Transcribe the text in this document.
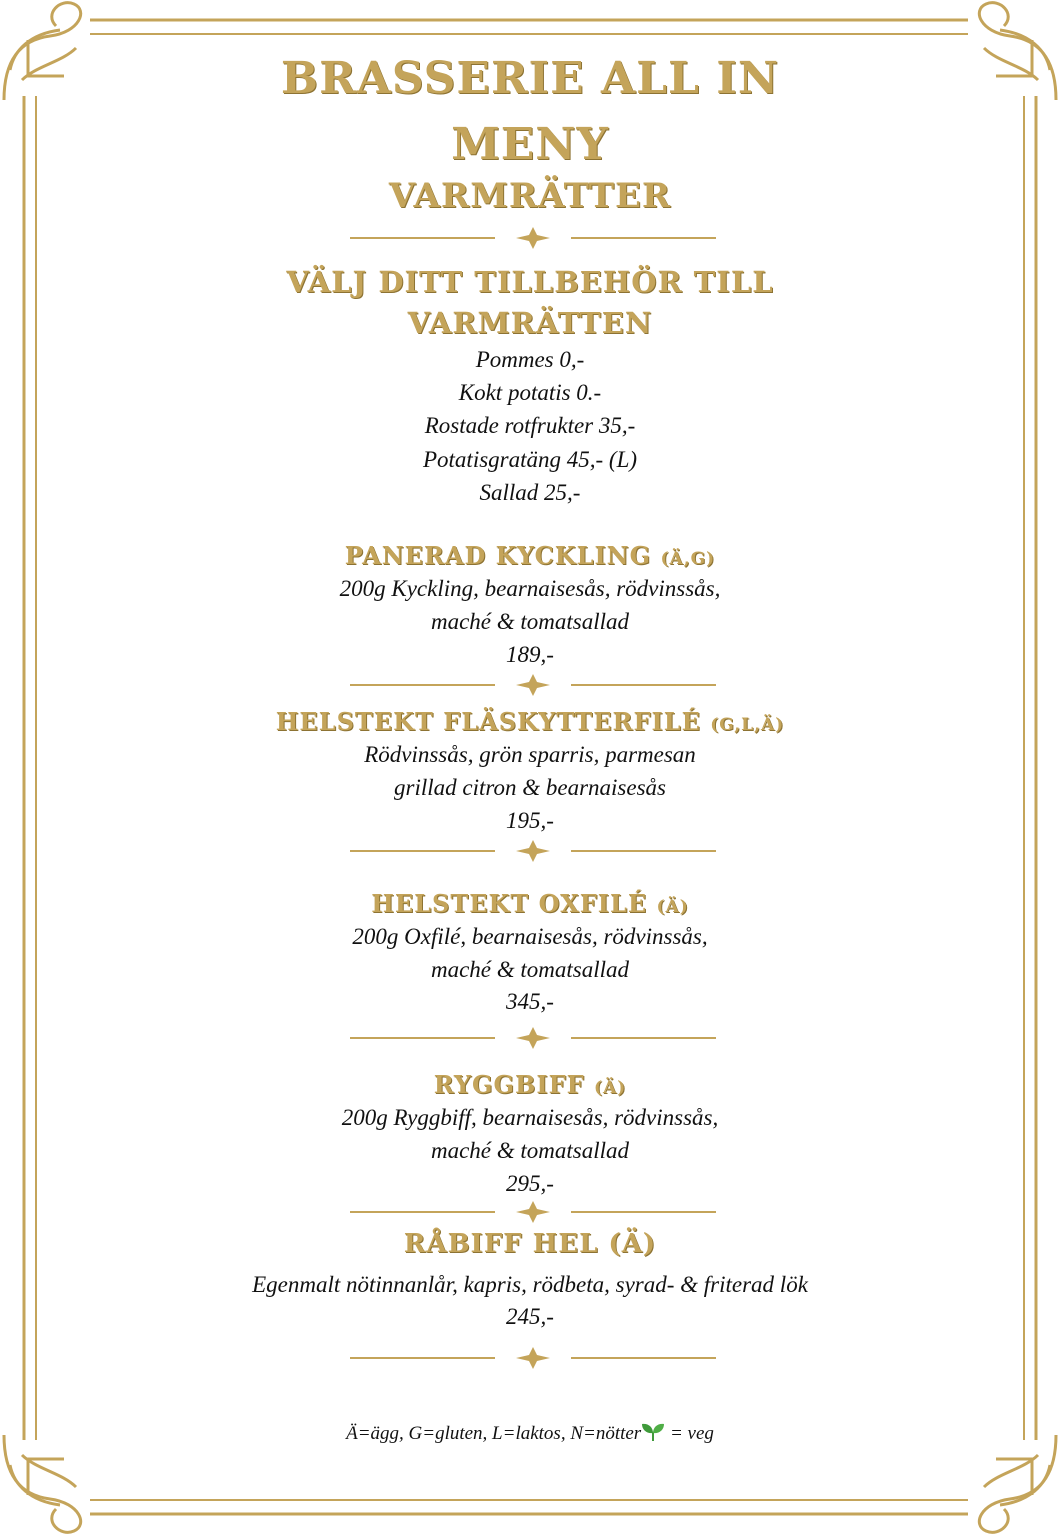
BRASSERIE ALL IN
MENY
VARMRÄTTER
VÄLJ DITT TILLBEHÖR TILL
VARMRÄTTEN
Pommes 0,-
Kokt potatis 0.-
Rostade rotfrukter 35,-
Potatisgratäng 45,- (L)
Sallad 25,-
PANERAD KYCKLING (Ä,G)
200g Kyckling, bearnaisesås, rödvinssås,
maché & tomatsallad
189,-
HELSTEKT FLÄSKYTTERFILÉ (G,L,Ä)
Rödvinssås, grön sparris, parmesan
grillad citron & bearnaisesås
195,-
HELSTEKT OXFILÉ (Ä)
200g Oxfilé, bearnaisesås, rödvinssås,
maché & tomatsallad
345,-
RYGGBIFF (Ä)
200g Ryggbiff, bearnaisesås, rödvinssås,
maché & tomatsallad
295,-
RÅBIFF HEL (Ä)
Egenmalt nötinnanlår, kapris, rödbeta, syrad- & friterad lök
245,-
Ä=ägg, G=gluten, L=laktos, N=nötter = veg
